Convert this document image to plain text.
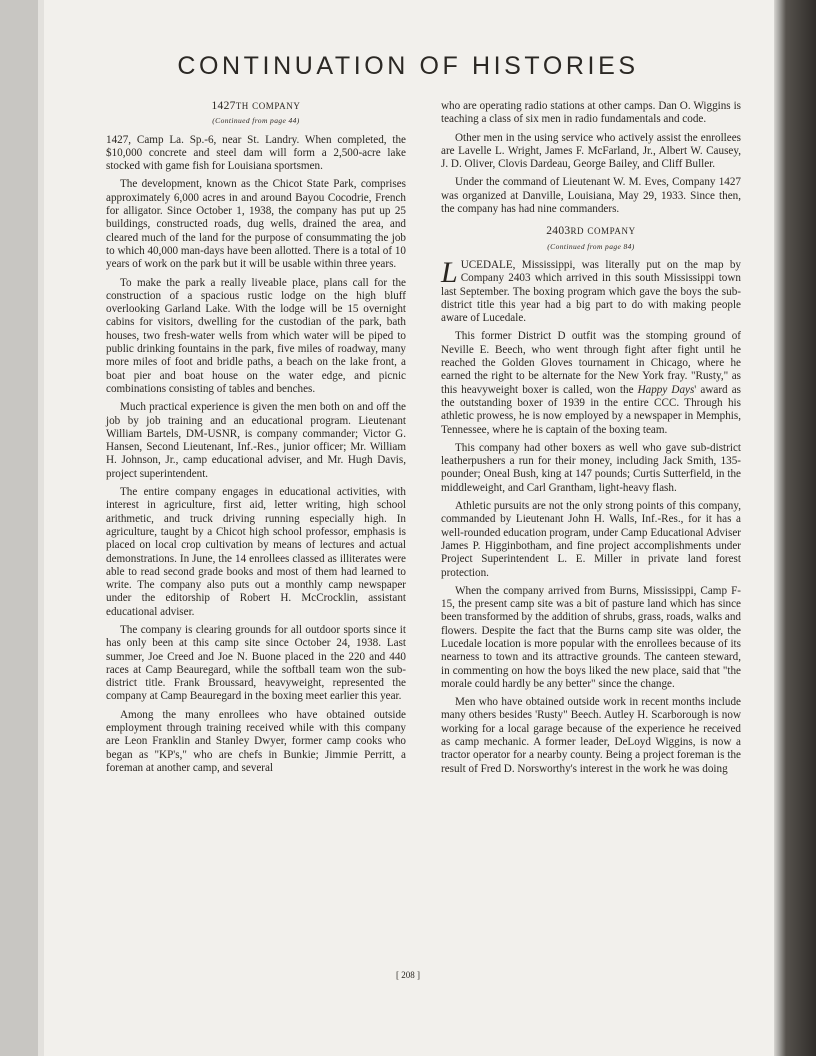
CONTINUATION OF HISTORIES
1427TH COMPANY
(Continued from page 44)

1427, Camp La. Sp.-6, near St. Landry. When completed, the $10,000 concrete and steel dam will form a 2,500-acre lake stocked with game fish for Louisiana sportsmen.

The development, known as the Chicot State Park, comprises approximately 6,000 acres in and around Bayou Cocodrie, French for alligator. Since October 1, 1938, the company has put up 25 buildings, constructed roads, dug wells, drained the area, and cleared much of the land for the purpose of consummating the job to which 40,000 man-days have been allotted. There is a total of 10 years of work on the park but it will be usable within three years.

To make the park a really liveable place, plans call for the construction of a spacious rustic lodge on the high bluff overlooking Garland Lake. With the lodge will be 15 overnight cabins for visitors, dwelling for the custodian of the park, bath houses, two fresh-water wells from which water will be piped to public drinking fountains in the park, five miles of roadway, many more miles of foot and bridle paths, a beach on the lake front, a boat pier and boat house on the water edge, and picnic combinations consisting of tables and benches.

Much practical experience is given the men both on and off the job by job training and an educational program. Lieutenant William Bartels, DM-USNR, is company commander; Victor G. Hansen, Second Lieutenant, Inf.-Res., junior officer; Mr. William H. Johnson, Jr., camp educational adviser, and Mr. Hugh Davis, project superintendent.

The entire company engages in educational activities, with interest in agriculture, first aid, letter writing, high school arithmetic, and truck driving running especially high. In agriculture, taught by a Chicot high school professor, emphasis is placed on local crop cultivation by means of lectures and actual demonstrations. In June, the 14 enrollees classed as illiterates were able to read second grade books and most of them had learned to write. The company also puts out a monthly camp newspaper under the editorship of Robert H. McCrocklin, assistant educational adviser.

The company is clearing grounds for all outdoor sports since it has only been at this camp site since October 24, 1938. Last summer, Joe Creed and Joe N. Buone placed in the 220 and 440 races at Camp Beauregard, while the softball team won the sub-district title. Frank Broussard, heavyweight, represented the company at Camp Beauregard in the boxing meet earlier this year.

Among the many enrollees who have obtained outside employment through training received while with this company are Leon Franklin and Stanley Dwyer, former camp cooks who began as "KP's," who are chefs in Bunkie; Jimmie Perritt, a foreman at another camp, and several

who are operating radio stations at other camps. Dan O. Wiggins is teaching a class of six men in radio fundamentals and code.

Other men in the using service who actively assist the enrollees are Lavelle L. Wright, James F. McFarland, Jr., Albert W. Causey, J. D. Oliver, Clovis Dardeau, George Bailey, and Cliff Buller.

Under the command of Lieutenant W. M. Eves, Company 1427 was organized at Danville, Louisiana, May 29, 1933. Since then, the company has had nine commanders.

2403RD COMPANY
(Continued from page 84)

LUCEDALE, Mississippi, was literally put on the map by Company 2403 which arrived in this south Mississippi town last September. The boxing program which gave the boys the sub-district title this year had a big part to do with making people aware of Lucedale.

This former District D outfit was the stomping ground of Neville E. Beech, who went through fight after fight until he reached the Golden Gloves tournament in Chicago, where he earned the right to be alternate for the New York fray. "Rusty," as this heavyweight boxer is called, won the Happy Days' award as the outstanding boxer of 1939 in the entire CCC. Through his athletic prowess, he is now employed by a newspaper in Memphis, Tennessee, where he is captain of the boxing team.

This company had other boxers as well who gave sub-district leatherpushers a run for their money, including Jack Smith, 135-pounder; Oneal Bush, king at 147 pounds; Curtis Sutterfield, in the middleweight, and Carl Grantham, light-heavy flash.

Athletic pursuits are not the only strong points of this company, commanded by Lieutenant John H. Walls, Inf.-Res., for it has a well-rounded education program, under Camp Educational Adviser James P. Higginbotham, and fine project accomplishments under Project Superintendent L. E. Miller in private land forest protection.

When the company arrived from Burns, Mississippi, Camp F-15, the present camp site was a bit of pasture land which has since been transformed by the addition of shrubs, grass, roads, walks and flowers. Despite the fact that the Burns camp site was older, the Lucedale location is more popular with the enrollees because of its nearness to town and its attractive grounds. The canteen steward, in commenting on how the boys liked the new place, said that "the morale could hardly be any better" since the change.

Men who have obtained outside work in recent months include many others besides 'Rusty" Beech. Autley H. Scarborough is now working for a local garage because of the experience he received as camp mechanic. A former leader, DeLoyd Wiggins, is now a tractor operator for a nearby county. Being a project foreman is the result of Fred D. Norsworthy's interest in the work he was doing

[ 208 ]
